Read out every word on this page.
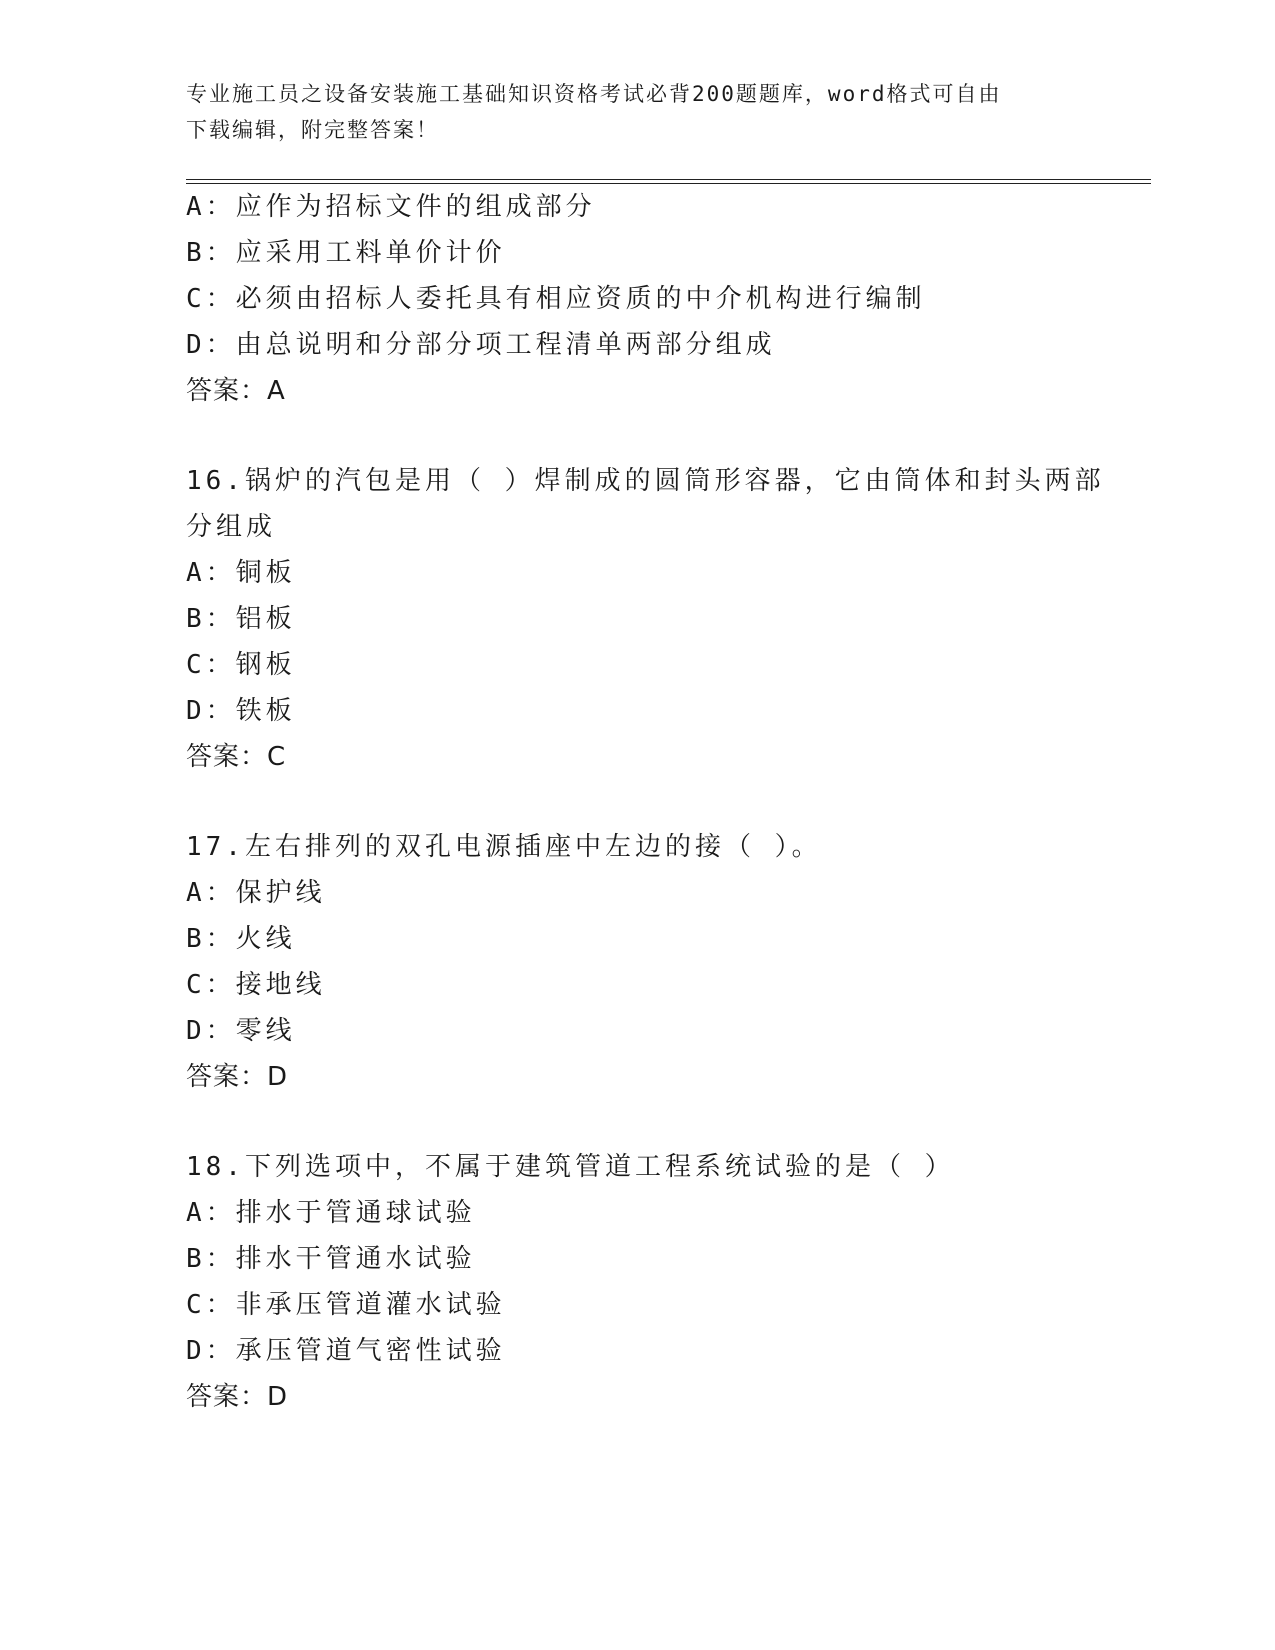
专业施工员之设备安装施工基础知识资格考试必背200题题库，word格式可自由
下载编辑，附完整答案！
A：应作为招标文件的组成部分
B：应采用工料单价计价
C：必须由招标人委托具有相应资质的中介机构进行编制
D：由总说明和分部分项工程清单两部分组成
答案：A
16.锅炉的汽包是用（ ）焊制成的圆筒形容器，它由筒体和封头两部
分组成
A：铜板
B：铝板
C：钢板
D：铁板
答案：C
17.左右排列的双孔电源插座中左边的接（ ）。
A：保护线
B：火线
C：接地线
D：零线
答案：D
18.下列选项中，不属于建筑管道工程系统试验的是（ ）
A：排水于管通球试验
B：排水干管通水试验
C：非承压管道灌水试验
D：承压管道气密性试验
答案：D
